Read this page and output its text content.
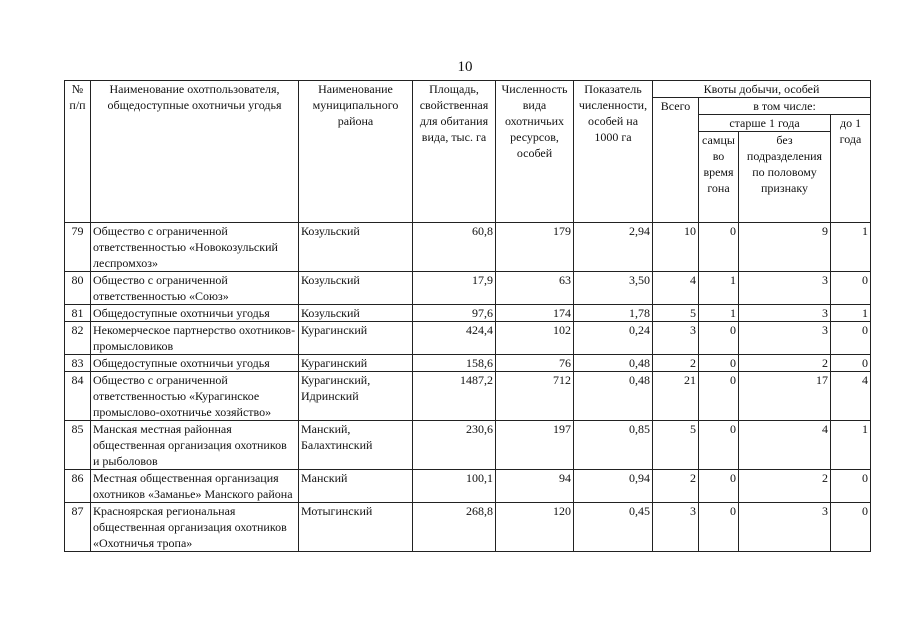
10
№ п/п	Наименование охотпользователя, общедоступные охотничьи угодья	Наименование муниципального района	Площадь, свойственная для обитания вида, тыс. га	Численность вида охотничьих ресурсов, особей	Показатель численности, особей на 1000 га	Квоты добычи, особей			
						Всего	в том числе:		
							старше 1 года		до 1 года
							самцы во время гона	без подразделения по половому признаку	
79	Общество с ограниченной ответственностью «Новокозульский леспромхоз»	Козульский	60,8	179	2,94	10	0	9	1
80	Общество с ограниченной ответственностью «Союз»	Козульский	17,9	63	3,50	4	1	3	0
81	Общедоступные охотничьи угодья	Козульский	97,6	174	1,78	5	1	3	1
82	Некомерческое партнерство охотников-промысловиков	Курагинский	424,4	102	0,24	3	0	3	0
83	Общедоступные охотничьи угодья	Курагинский	158,6	76	0,48	2	0	2	0
84	Общество с ограниченной ответственностью «Курагинское промыслово-охотничье хозяйство»	Курагинский, Идринский	1487,2	712	0,48	21	0	17	4
85	Манская местная районная общественная организация охотников и рыболовов	Манский, Балахтинский	230,6	197	0,85	5	0	4	1
86	Местная общественная организация охотников «Заманье» Манского района	Манский	100,1	94	0,94	2	0	2	0
87	Красноярская региональная общественная организация охотников «Охотничья тропа»	Мотыгинский	268,8	120	0,45	3	0	3	0
